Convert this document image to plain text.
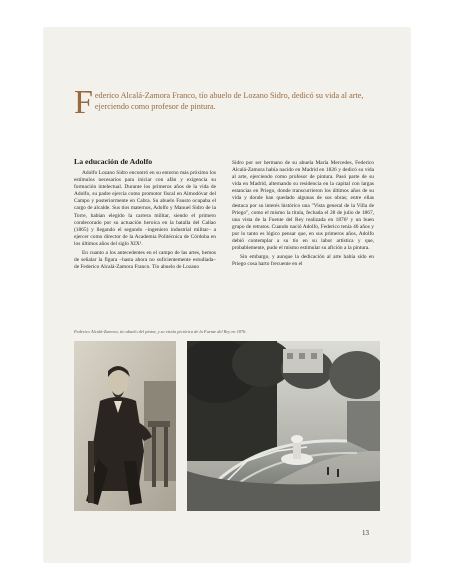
F ederico Alcalá-Zamora Franco, tío abuelo de Lozano Sidro, dedicó su vida al arte, ejerciendo como profesor de pintura.
La educación de Adolfo

Adolfo Lozano Sidro encontró en su entorno más próximo los estímulos necesarios para iniciar con afán y exigencia su formación intelectual. Durante los primeros años de la vida de Adolfo, su padre ejercía como promotor fiscal en Almodóvar del Campo y posteriormente en Cabra. Su abuelo Fausto ocupaba el cargo de alcalde. Sus tíos maternos, Adolfo y Manuel Sidro de la Torre, habían elegido la carrera militar, siendo el primero condecorado por su actuación heroica en la batalla del Callao (1865) y llegando el segundo –ingeniero industrial militar– a ejercer como director de la Academia Politécnica de Córdoba en los últimos años del siglo XIX¹.

En cuanto a los antecedentes en el campo de las artes, hemos de señalar la figura –hasta ahora no suficientemente estudiada– de Federico Alcalá-Zamora Franco. Tío abuelo de Lozano

Sidro por ser hermano de su abuela María Mercedes, Federico Alcalá-Zamora había nacido en Madrid en 1826 y dedicó su vida al arte, ejerciendo como profesor de pintura. Pasó parte de su vida en Madrid, alternando su residencia en la capital con largas estancias en Priego, donde transcurrieron los últimos años de su vida y donde han quedado algunas de sus obras; entre ellas destaca por su interés histórico una "Vista general de la Villa de Priego", como el mismo la titula, fechada el 28 de julio de 1867, una vista de la Fuente del Rey realizada en 1876² y un buen grupo de retratos. Cuando nació Adolfo, Federico tenía 46 años y por lo tanto es lógico pensar que, en sus primeros años, Adolfo debió contemplar a su tío en su labor artística y que, probablemente, pudo el mismo estimular su afición a la pintura.

Sin embargo, y aunque la dedicación al arte había sido en Priego cosa harto frecuente en el

Federico Alcalá-Zamora, tío abuelo del pintor, y su visión pictórica de la Fuente del Rey en 1876.
13
